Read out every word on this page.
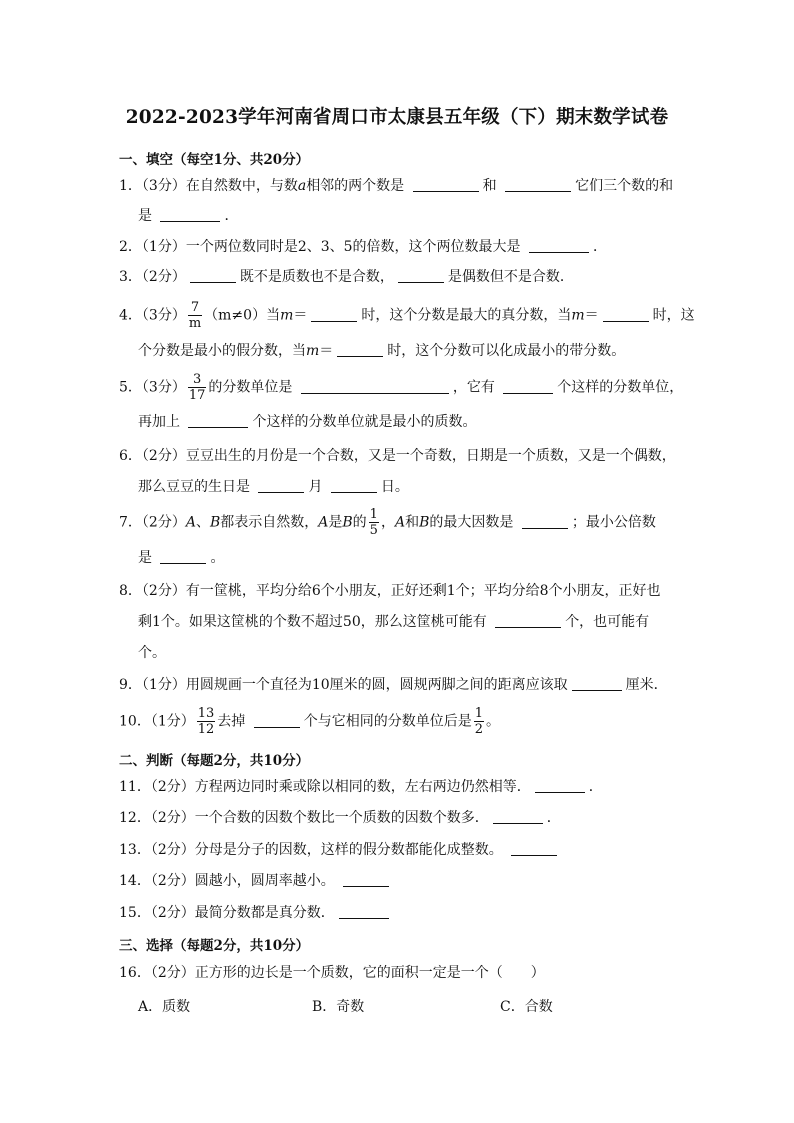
2022-2023学年河南省周口市太康县五年级（下）期末数学试卷
一、填空（每空1分、共20分）
1．（3分）在自然数中，与数a相邻的两个数是	和	它们三个数的和
是	．
2．（1分）一个两位数同时是2、3、5的倍数，这个两位数最大是	．
3．（2分）	既不是质数也不是合数，	是偶数但不是合数．
4．（3分） $\frac{7}{m} (m\ne 0)$当m＝	时，这个分数是最大的真分数，当m＝	时，这
个分数是最小的假分数，当m＝	时，这个分数可以化成最小的带分数。
5．（3分） $\frac{3}{17}$ 的分数单位是	，它有	个这样的分数单位，
再加上	个这样的分数单位就是最小的质数。
6．（2分）豆豆出生的月份是一个合数，又是一个奇数，日期是一个质数，又是一个偶数，
那么豆豆的生日是	月	日。
7．（2分）A、B都表示自然数，A是B的 $\frac{1}{5}$ ，A和B的最大因数是	；最小公倍数
是	。
8．（2分）有一筐桃，平均分给6个小朋友，正好还剩1个；平均分给8个小朋友，正好也
剩1个。如果这筐桃的个数不超过50，那么这筐桃可能有	个，也可能有
个。
9．（1分）用圆规画一个直径为10厘米的圆，圆规两脚之间的距离应该取	厘米．
10．（1分） $\frac{13}{12}$ 去掉	个与它相同的分数单位后是 $\frac{1}{2}$ 。
二、判断（每题2分，共10分）
11．（2分）方程两边同时乘或除以相同的数，左右两边仍然相等．	．
12．（2分）一个合数的因数个数比一个质数的因数个数多．	．
13．（2分）分母是分子的因数，这样的假分数都能化成整数。
14．（2分）圆越小，圆周率越小。
15．（2分）最简分数都是真分数．
三、选择（每题2分，共10分）
16．（2分）正方形的边长是一个质数，它的面积一定是一个（　　）
A．质数	B．奇数	C．合数
